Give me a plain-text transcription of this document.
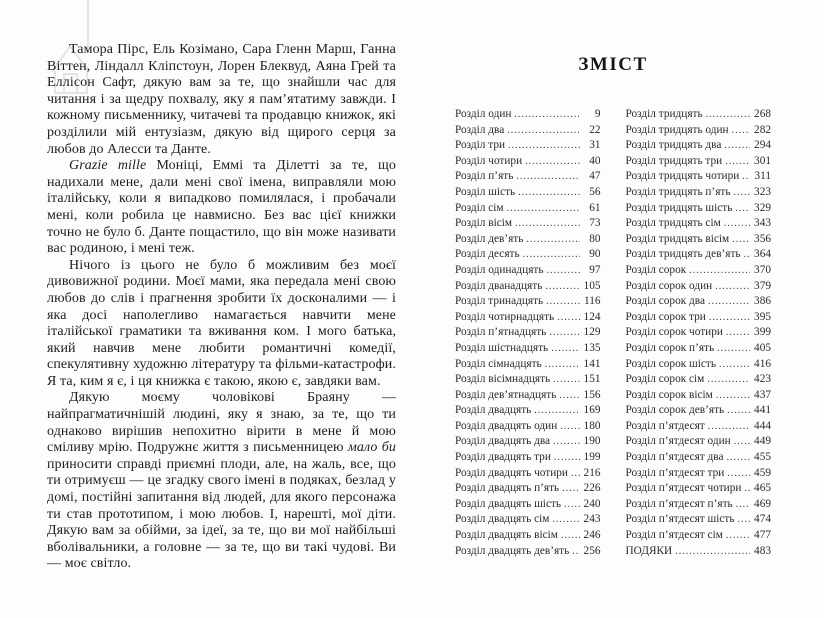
Тамора Пірс, Ель Козімано, Сара Гленн Марш, Ганна Віттен, Ліндалл Кліпстоун, Лорен Блеквуд, Аяна Грей та Еллісон Сафт, дякую вам за те, що знайшли час для читання і за щедру похвалу, яку я пам’ятатиму завжди. І кожному письменнику, читачеві та продавцю книжок, які розділили мій ентузіазм, дякую від щирого серця за любов до Алесси та Данте.

Grazie mille Моніці, Еммі та Ділетті за те, що надихали мене, дали мені свої імена, виправляли мою італійську, коли я випадково помилялася, і пробачали мені, коли робила це навмисно. Без вас цієї книжки точно не було б. Данте пощастило, що він може називати вас родиною, і мені теж.

Нічого із цього не було б можливим без моєї дивовижної родини. Моєї мами, яка передала мені свою любов до слів і прагнення зробити їх досконалими — і яка досі наполегливо намагається навчити мене італійської граматики та вживання ком. І мого батька, який навчив мене любити романтичні комедії, спекулятивну художню літературу та фільми-катастрофи. Я та, ким я є, і ця книжка є такою, якою є, завдяки вам.

Дякую моєму чоловікові Браяну — найпрагматичнішій людині, яку я знаю, за те, що ти однаково вирішив непохитно вірити в мене й мою сміливу мрію. Подружнє життя з письменницею мало би приносити справді приємні плоди, але, на жаль, все, що ти отримуєш — це згадку свого імені в подяках, безлад у домі, постійні запитання від людей, для якого персонажа ти став прототипом, і мою любов. І, нарешті, мої діти. Дякую вам за обійми, за ідеї, за те, що ви мої найбільші вболівальники, а головне — за те, що ви такі чудові. Ви — моє світло.

ЗМІСТ
Розділ один .....	9
Розділ два .....	22
Розділ три .....	31
Розділ чотири .....	40
Розділ п’ять .....	47
Розділ шість .....	56
Розділ сім .....	61
Розділ вісім .....	73
Розділ дев’ять .....	80
Розділ десять .....	90
Розділ одинадцять .....	97
Розділ дванадцять .....	105
Розділ тринадцять .....	116
Розділ чотирнадцять .....	124
Розділ п’ятнадцять .....	129
Розділ шістнадцять .....	135
Розділ сімнадцять .....	141
Розділ вісімнадцять .....	151
Розділ дев’ятнадцять .....	156
Розділ двадцять .....	169
Розділ двадцять один .....	180
Розділ двадцять два .....	190
Розділ двадцять три .....	199
Розділ двадцять чотири .....	216
Розділ двадцять п’ять .....	226
Розділ двадцять шість .....	240
Розділ двадцять сім .....	243
Розділ двадцять вісім .....	246
Розділ двадцять дев’ять .....	256
Розділ тридцять .....	268
Розділ тридцять один .....	282
Розділ тридцять два .....	294
Розділ тридцять три .....	301
Розділ тридцять чотири .....	311
Розділ тридцять п’ять .....	323
Розділ тридцять шість .....	329
Розділ тридцять сім .....	343
Розділ тридцять вісім .....	356
Розділ тридцять дев’ять .....	364
Розділ сорок .....	370
Розділ сорок один .....	379
Розділ сорок два .....	386
Розділ сорок три .....	395
Розділ сорок чотири .....	399
Розділ сорок п’ять .....	405
Розділ сорок шість .....	416
Розділ сорок сім .....	423
Розділ сорок вісім .....	437
Розділ сорок дев’ять .....	441
Розділ п’ятдесят .....	444
Розділ п’ятдесят один .....	449
Розділ п’ятдесят два .....	455
Розділ п’ятдесят три .....	459
Розділ п’ятдесят чотири .....	465
Розділ п’ятдесят п’ять .....	469
Розділ п’ятдесят шість .....	474
Розділ п’ятдесят сім .....	477
ПОДЯКИ .....	483
